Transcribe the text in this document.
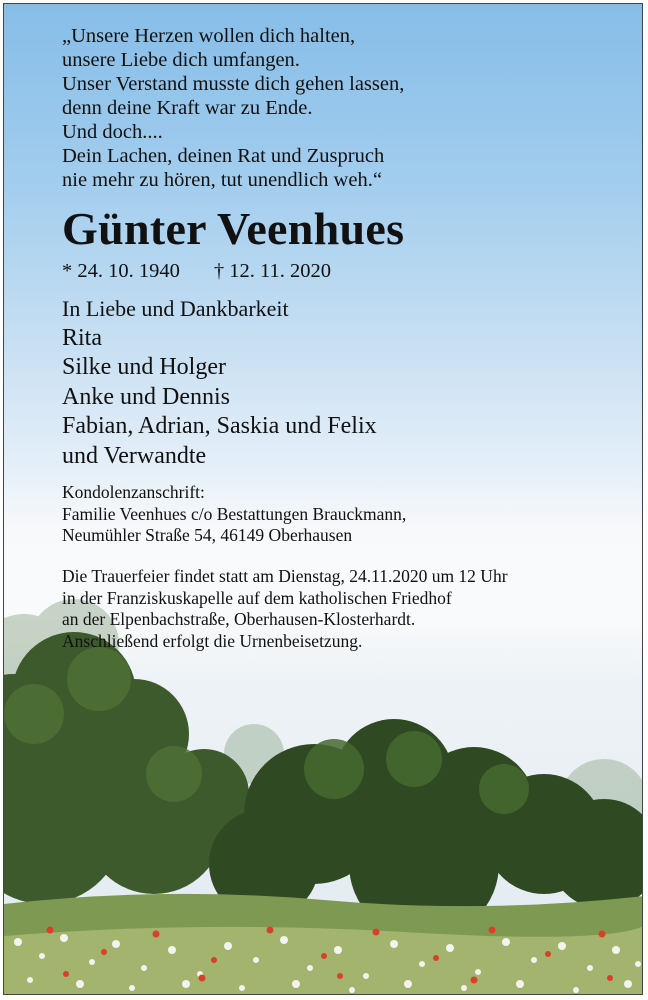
„Unsere Herzen wollen dich halten,
unsere Liebe dich umfangen.
Unser Verstand musste dich gehen lassen,
denn deine Kraft war zu Ende.
Und doch....
Dein Lachen, deinen Rat und Zuspruch
nie mehr zu hören, tut unendlich weh.“
Günter Veenhues
* 24. 10. 1940 † 12. 11. 2020
In Liebe und Dankbarkeit
Rita
Silke und Holger
Anke und Dennis
Fabian, Adrian, Saskia und Felix
und Verwandte
Kondolenzanschrift:
Familie Veenhues c/o Bestattungen Brauckmann,
Neumühler Straße 54, 46149 Oberhausen
Die Trauerfeier findet statt am Dienstag, 24.11.2020 um 12 Uhr
in der Franziskuskapelle auf dem katholischen Friedhof
an der Elpenbachstraße, Oberhausen-Klosterhardt.
Anschließend erfolgt die Urnenbeisetzung.
